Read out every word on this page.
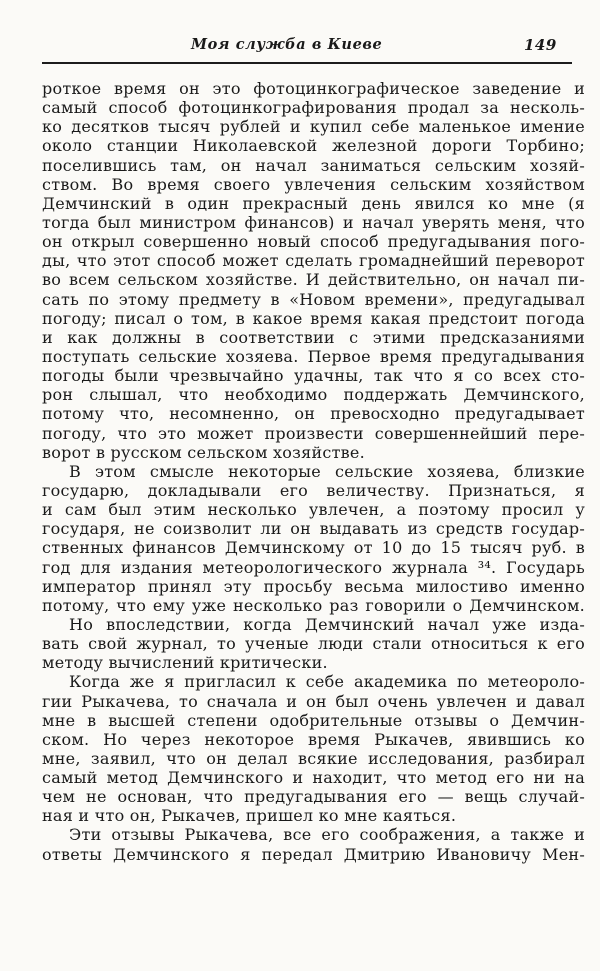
Моя служба в Киеве	149
роткое время он это фотоцинкографическое заведение и
самый способ фотоцинкографирования продал за несколь-
ко десятков тысяч рублей и купил себе маленькое имение
около станции Николаевской железной дороги Торбино;
поселившись там, он начал заниматься сельским хозяй-
ством. Во время своего увлечения сельским хозяйством
Демчинский в один прекрасный день явился ко мне (я
тогда был министром финансов) и начал уверять меня, что
он открыл совершенно новый способ предугадывания пого-
ды, что этот способ может сделать громаднейший переворот
во всем сельском хозяйстве. И действительно, он начал пи-
сать по этому предмету в «Новом времени», предугадывал
погоду; писал о том, в какое время какая предстоит погода
и как должны в соответствии с этими предсказаниями
поступать сельские хозяева. Первое время предугадывания
погоды были чрезвычайно удачны, так что я со всех сто-
рон слышал, что необходимо поддержать Демчинского,
потому что, несомненно, он превосходно предугадывает
погоду, что это может произвести совершеннейший пере-
ворот в русском сельском хозяйстве.
В этом смысле некоторые сельские хозяева, близкие
государю, докладывали его величеству. Признаться, я
и сам был этим несколько увлечен, а поэтому просил у
государя, не соизволит ли он выдавать из средств государ-
ственных финансов Демчинскому от 10 до 15 тысяч руб. в
год для издания метеорологического журнала ³⁴. Государь
император принял эту просьбу весьма милостиво именно
потому, что ему уже несколько раз говорили о Демчинском.
Но впоследствии, когда Демчинский начал уже изда-
вать свой журнал, то ученые люди стали относиться к его
методу вычислений критически.
Когда же я пригласил к себе академика по метеороло-
гии Рыкачева, то сначала и он был очень увлечен и давал
мне в высшей степени одобрительные отзывы о Демчин-
ском. Но через некоторое время Рыкачев, явившись ко
мне, заявил, что он делал всякие исследования, разбирал
самый метод Демчинского и находит, что метод его ни на
чем не основан, что предугадывания его — вещь случай-
ная и что он, Рыкачев, пришел ко мне каяться.
Эти отзывы Рыкачева, все его соображения, а также и
ответы Демчинского я передал Дмитрию Ивановичу Мен-
